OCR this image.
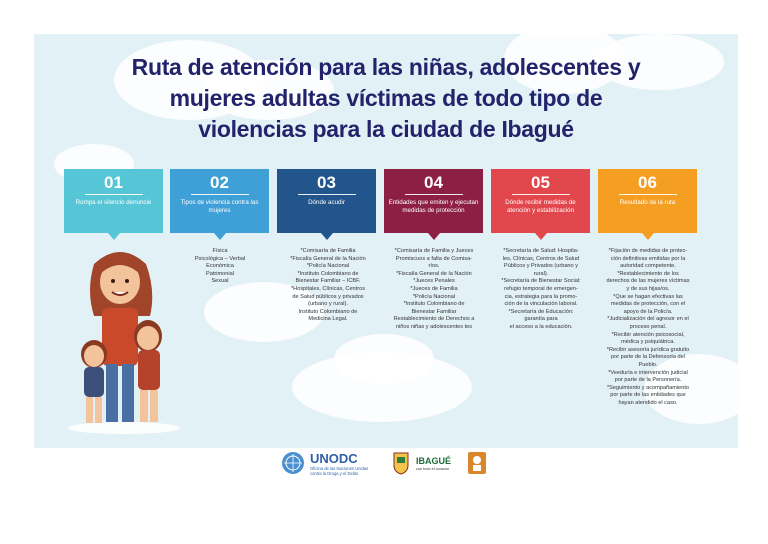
Ruta de atención para las niñas, adolescentes y
mujeres adultas víctimas de todo tipo de
violencias para la ciudad de Ibagué
01
Rompa el silencio denuncie
02
Tipos de violencia contra las mujeres
03
Dónde acudir
04
Entidades que emiten y ejecutan medidas de protección
05
Dónde recibir medidas de atención y estabilización
06
Resultado de la ruta
Física
Psicológica – Verbal
Económica
Patrimonial
Sexual
*Comisaría de Familia
*Fiscalía General de la Nación
*Policía Nacional
*Instituto Colombiano de
Bienestar Familiar – ICBF.
*Hospitales, Clínicas, Centros
de Salud públicos y privados
(urbano y rural).
Instituto Colombiano de
Medicina Legal.
*Comisaría de Familia y Jueces
Promiscuos a falta de Comisa-
ríos.
*Fiscalía General de la Nación
*Jueces Penales
*Jueces de Familia
*Policía Nacional
*Instituto Colombiano de
Bienestar Familiar
Restablecimiento de Derechos a
niños niñas y adolescentes tes
*Secretaría de Salud: Hospita-
les, Clínicas, Centros de Salud
Públicos y Privados (urbano y
rural).
*Secretaría de Bienestar Social:
refugio temporal de emergen-
cia, estrategia para la promo-
ción de la vinculación laboral.
*Secretaría de Educación:
garantía para
el acceso a la educación.
*Fijación de medidas de protec-
ción definitivas emitidas por la
autoridad competente.
*Restablecimiento de los
derechos de las mujeres víctimas
y de sus hijas/os.
*Que se hagan efectivas las
medidas de protección, con el
apoyo de la Policía.
*Judicialización del agresor en el
proceso penal.
*Recibir atención psicosocial,
médica y psiquiátrica.
*Recibir asesoría jurídica gratuito
por parte de la Defensoría del
Pueblo.
*Veeduría e intervención judicial
por parte de la Personería.
*Seguimiento y acompañamiento
por parte de las entidades que
hayan atendido el caso.
UNODC
Oficina de las Naciones Unidas
contra la Droga y el Delito
IBAGUÉ
con todo el corazón
